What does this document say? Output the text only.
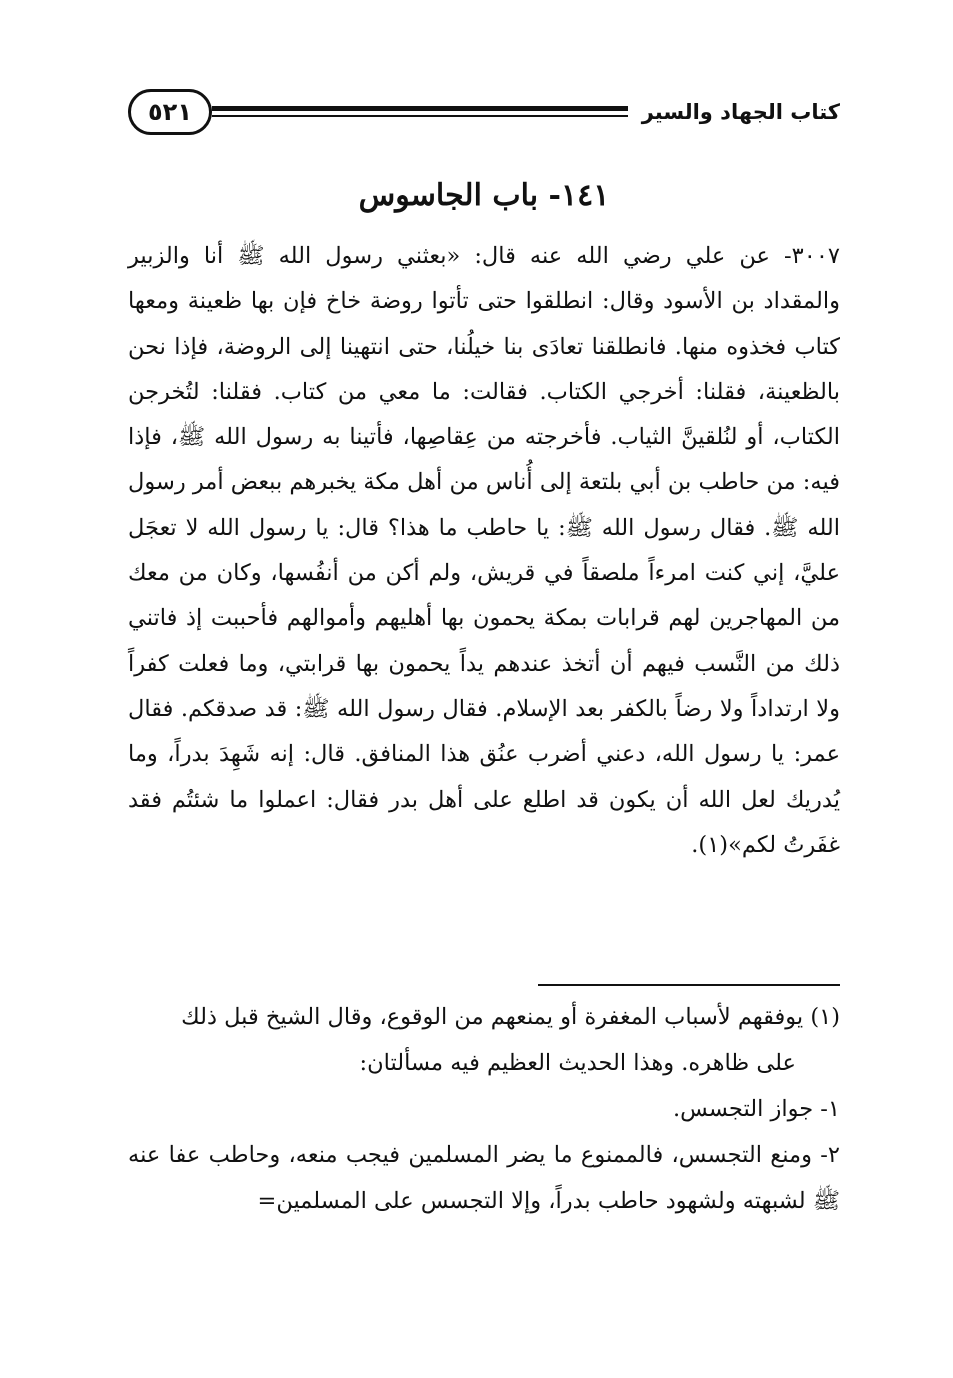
كتاب الجهاد والسير
٥٢١
١٤١- باب الجاسوس

٣٠٠٧- عن علي رضي الله عنه قال: «بعثني رسول الله ﷺ أنا والزبير والمقداد بن الأسود وقال: انطلقوا حتى تأتوا روضة خاخ فإن بها ظعينة ومعها كتاب فخذوه منها. فانطلقنا تعادَى بنا خيلُنا، حتى انتهينا إلى الروضة، فإذا نحن بالظعينة، فقلنا: أخرجي الكتاب. فقالت: ما معي من كتاب. فقلنا: لتُخرجن الكتاب، أو لنُلقينَّ الثياب. فأخرجته من عِقاصِها، فأتينا به رسول الله ﷺ، فإذا فيه: من حاطب بن أبي بلتعة إلى أُناس من أهل مكة يخبرهم ببعض أمر رسول الله ﷺ. فقال رسول الله ﷺ: يا حاطب ما هذا؟ قال: يا رسول الله لا تعجَل عليَّ، إني كنت امرءاً ملصقاً في قريش، ولم أكن من أنفُسها، وكان من معك من المهاجرين لهم قرابات بمكة يحمون بها أهليهم وأموالهم فأحببت إذ فاتني ذلك من النَّسب فيهم أن أتخذ عندهم يداً يحمون بها قرابتي، وما فعلت كفراً ولا ارتداداً ولا رضاً بالكفر بعد الإسلام. فقال رسول الله ﷺ: قد صدقكم. فقال عمر: يا رسول الله، دعني أضرب عنُق هذا المنافق. قال: إنه شَهِدَ بدراً، وما يُدريك لعل الله أن يكون قد اطلع على أهل بدر فقال: اعملوا ما شئتُم فقد غفَرتُ لكم»(١).

(١) يوفقهم لأسباب المغفرة أو يمنعهم من الوقوع، وقال الشيخ قبل ذلك

على ظاهره. وهذا الحديث العظيم فيه مسألتان:

١- جواز التجسس.

٢- ومنع التجسس، فالممنوع ما يضر المسلمين فيجب منعه، وحاطب عفا عنه ﷺ لشبهته ولشهود حاطب بدراً، وإلا التجسس على المسلمين=
